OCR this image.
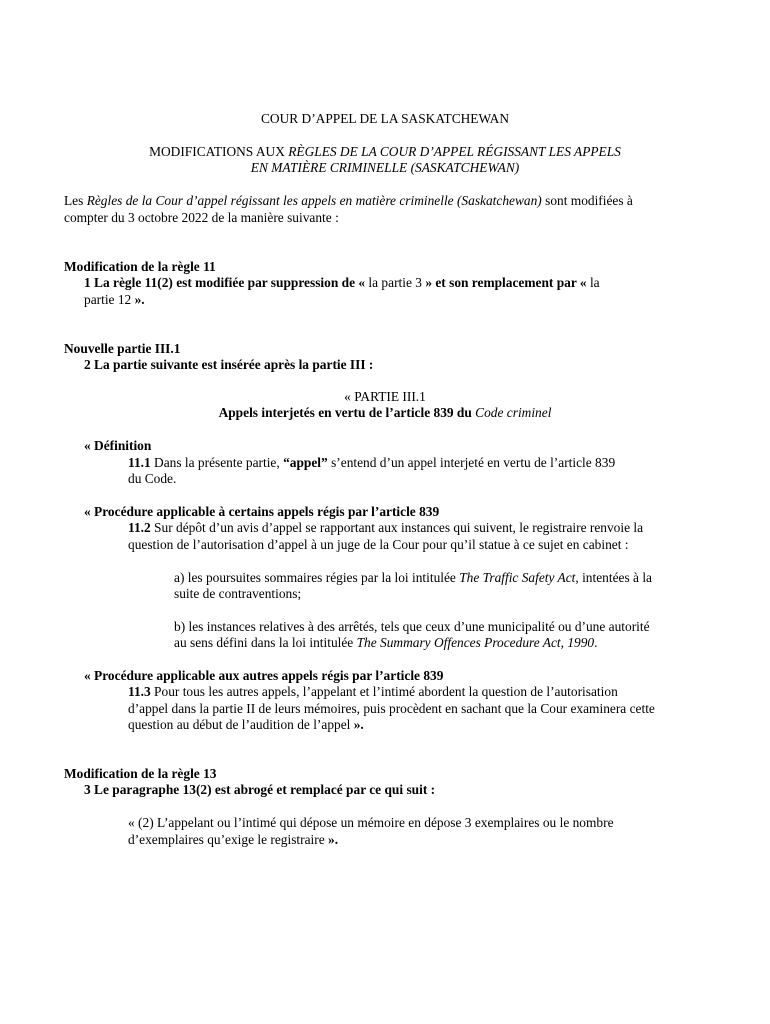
COUR D’APPEL DE LA SASKATCHEWAN
MODIFICATIONS AUX RÈGLES DE LA COUR D’APPEL RÉGISSANT LES APPELS
EN MATIÈRE CRIMINELLE (SASKATCHEWAN)
Les Règles de la Cour d’appel régissant les appels en matière criminelle (Saskatchewan) sont modifiées à
compter du 3 octobre 2022 de la manière suivante :
Modification de la règle 11
1 La règle 11(2) est modifiée par suppression de « la partie 3 » et son remplacement par « la
partie 12 ».
Nouvelle partie III.1
2 La partie suivante est insérée après la partie III :
« PARTIE III.1
Appels interjetés en vertu de l’article 839 du Code criminel
« Définition
11.1 Dans la présente partie, “appel” s’entend d’un appel interjeté en vertu de l’article 839
du Code.
« Procédure applicable à certains appels régis par l’article 839
11.2 Sur dépôt d’un avis d’appel se rapportant aux instances qui suivent, le registraire renvoie la
question de l’autorisation d’appel à un juge de la Cour pour qu’il statue à ce sujet en cabinet :
a) les poursuites sommaires régies par la loi intitulée The Traffic Safety Act, intentées à la
suite de contraventions;
b) les instances relatives à des arrêtés, tels que ceux d’une municipalité ou d’une autorité
au sens défini dans la loi intitulée The Summary Offences Procedure Act, 1990.
« Procédure applicable aux autres appels régis par l’article 839
11.3 Pour tous les autres appels, l’appelant et l’intimé abordent la question de l’autorisation
d’appel dans la partie II de leurs mémoires, puis procèdent en sachant que la Cour examinera cette
question au début de l’audition de l’appel ».
Modification de la règle 13
3 Le paragraphe 13(2) est abrogé et remplacé par ce qui suit :
« (2) L’appelant ou l’intimé qui dépose un mémoire en dépose 3 exemplaires ou le nombre
d’exemplaires qu’exige le registraire ».
